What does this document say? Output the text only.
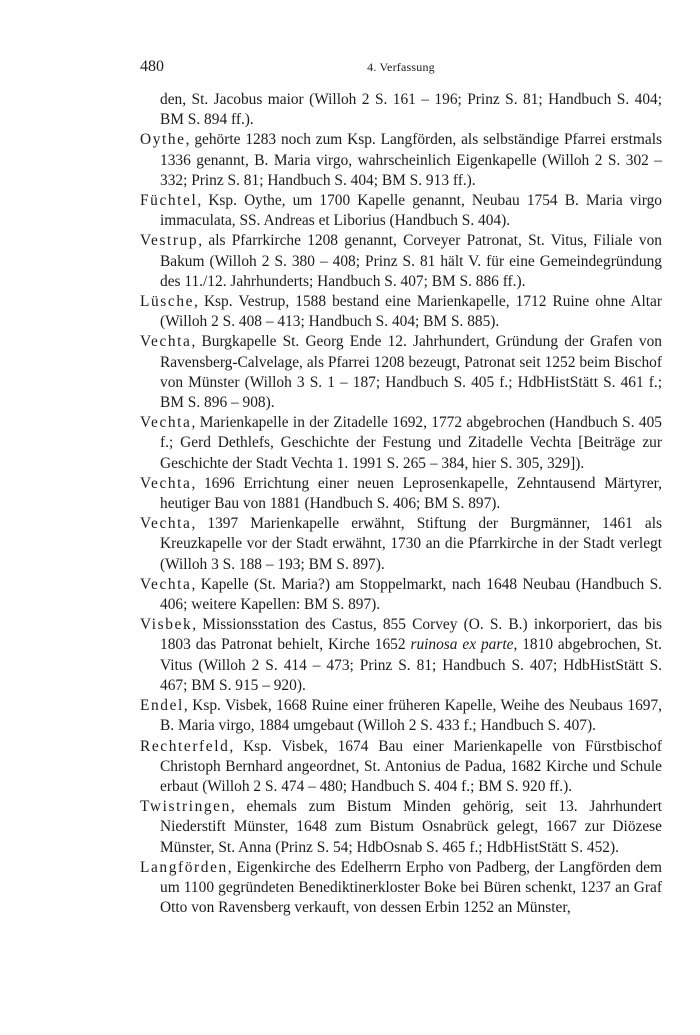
480	4. Verfassung

den, St. Jacobus maior (Willoh 2 S. 161 – 196; Prinz S. 81; Handbuch S. 404; BM S. 894 ff.).

Oythe, gehörte 1283 noch zum Ksp. Langförden, als selbständige Pfarrei erstmals 1336 genannt, B. Maria virgo, wahrscheinlich Eigenkapelle (Willoh 2 S. 302 – 332; Prinz S. 81; Handbuch S. 404; BM S. 913 ff.).

Füchtel, Ksp. Oythe, um 1700 Kapelle genannt, Neubau 1754 B. Maria virgo immaculata, SS. Andreas et Liborius (Handbuch S. 404).

Vestrup, als Pfarrkirche 1208 genannt, Corveyer Patronat, St. Vitus, Filiale von Bakum (Willoh 2 S. 380 – 408; Prinz S. 81 hält V. für eine Gemeindegründung des 11./12. Jahrhunderts; Handbuch S. 407; BM S. 886 ff.).

Lüsche, Ksp. Vestrup, 1588 bestand eine Marienkapelle, 1712 Ruine ohne Altar (Willoh 2 S. 408 – 413; Handbuch S. 404; BM S. 885).

Vechta, Burgkapelle St. Georg Ende 12. Jahrhundert, Gründung der Grafen von Ravensberg-Calvelage, als Pfarrei 1208 bezeugt, Patronat seit 1252 beim Bischof von Münster (Willoh 3 S. 1 – 187; Handbuch S. 405 f.; HdbHistStätt S. 461 f.; BM S. 896 – 908).

Vechta, Marienkapelle in der Zitadelle 1692, 1772 abgebrochen (Handbuch S. 405 f.; Gerd Dethlefs, Geschichte der Festung und Zitadelle Vechta [Beiträge zur Geschichte der Stadt Vechta 1. 1991 S. 265 – 384, hier S. 305, 329]).

Vechta, 1696 Errichtung einer neuen Leprosenkapelle, Zehntausend Märtyrer, heutiger Bau von 1881 (Handbuch S. 406; BM S. 897).

Vechta, 1397 Marienkapelle erwähnt, Stiftung der Burgmänner, 1461 als Kreuzkapelle vor der Stadt erwähnt, 1730 an die Pfarrkirche in der Stadt verlegt (Willoh 3 S. 188 – 193; BM S. 897).

Vechta, Kapelle (St. Maria?) am Stoppelmarkt, nach 1648 Neubau (Handbuch S. 406; weitere Kapellen: BM S. 897).

Visbek, Missionsstation des Castus, 855 Corvey (O. S. B.) inkorporiert, das bis 1803 das Patronat behielt, Kirche 1652 ruinosa ex parte, 1810 abgebrochen, St. Vitus (Willoh 2 S. 414 – 473; Prinz S. 81; Handbuch S. 407; HdbHistStätt S. 467; BM S. 915 – 920).

Endel, Ksp. Visbek, 1668 Ruine einer früheren Kapelle, Weihe des Neubaus 1697, B. Maria virgo, 1884 umgebaut (Willoh 2 S. 433 f.; Handbuch S. 407).

Rechterfeld, Ksp. Visbek, 1674 Bau einer Marienkapelle von Fürstbischof Christoph Bernhard angeordnet, St. Antonius de Padua, 1682 Kirche und Schule erbaut (Willoh 2 S. 474 – 480; Handbuch S. 404 f.; BM S. 920 ff.).

Twistringen, ehemals zum Bistum Minden gehörig, seit 13. Jahrhundert Niederstift Münster, 1648 zum Bistum Osnabrück gelegt, 1667 zur Diözese Münster, St. Anna (Prinz S. 54; HdbOsnab S. 465 f.; HdbHistStätt S. 452).

Langförden, Eigenkirche des Edelherrn Erpho von Padberg, der Langförden dem um 1100 gegründeten Benediktinerkloster Boke bei Büren schenkt, 1237 an Graf Otto von Ravensberg verkauft, von dessen Erbin 1252 an Münster,
